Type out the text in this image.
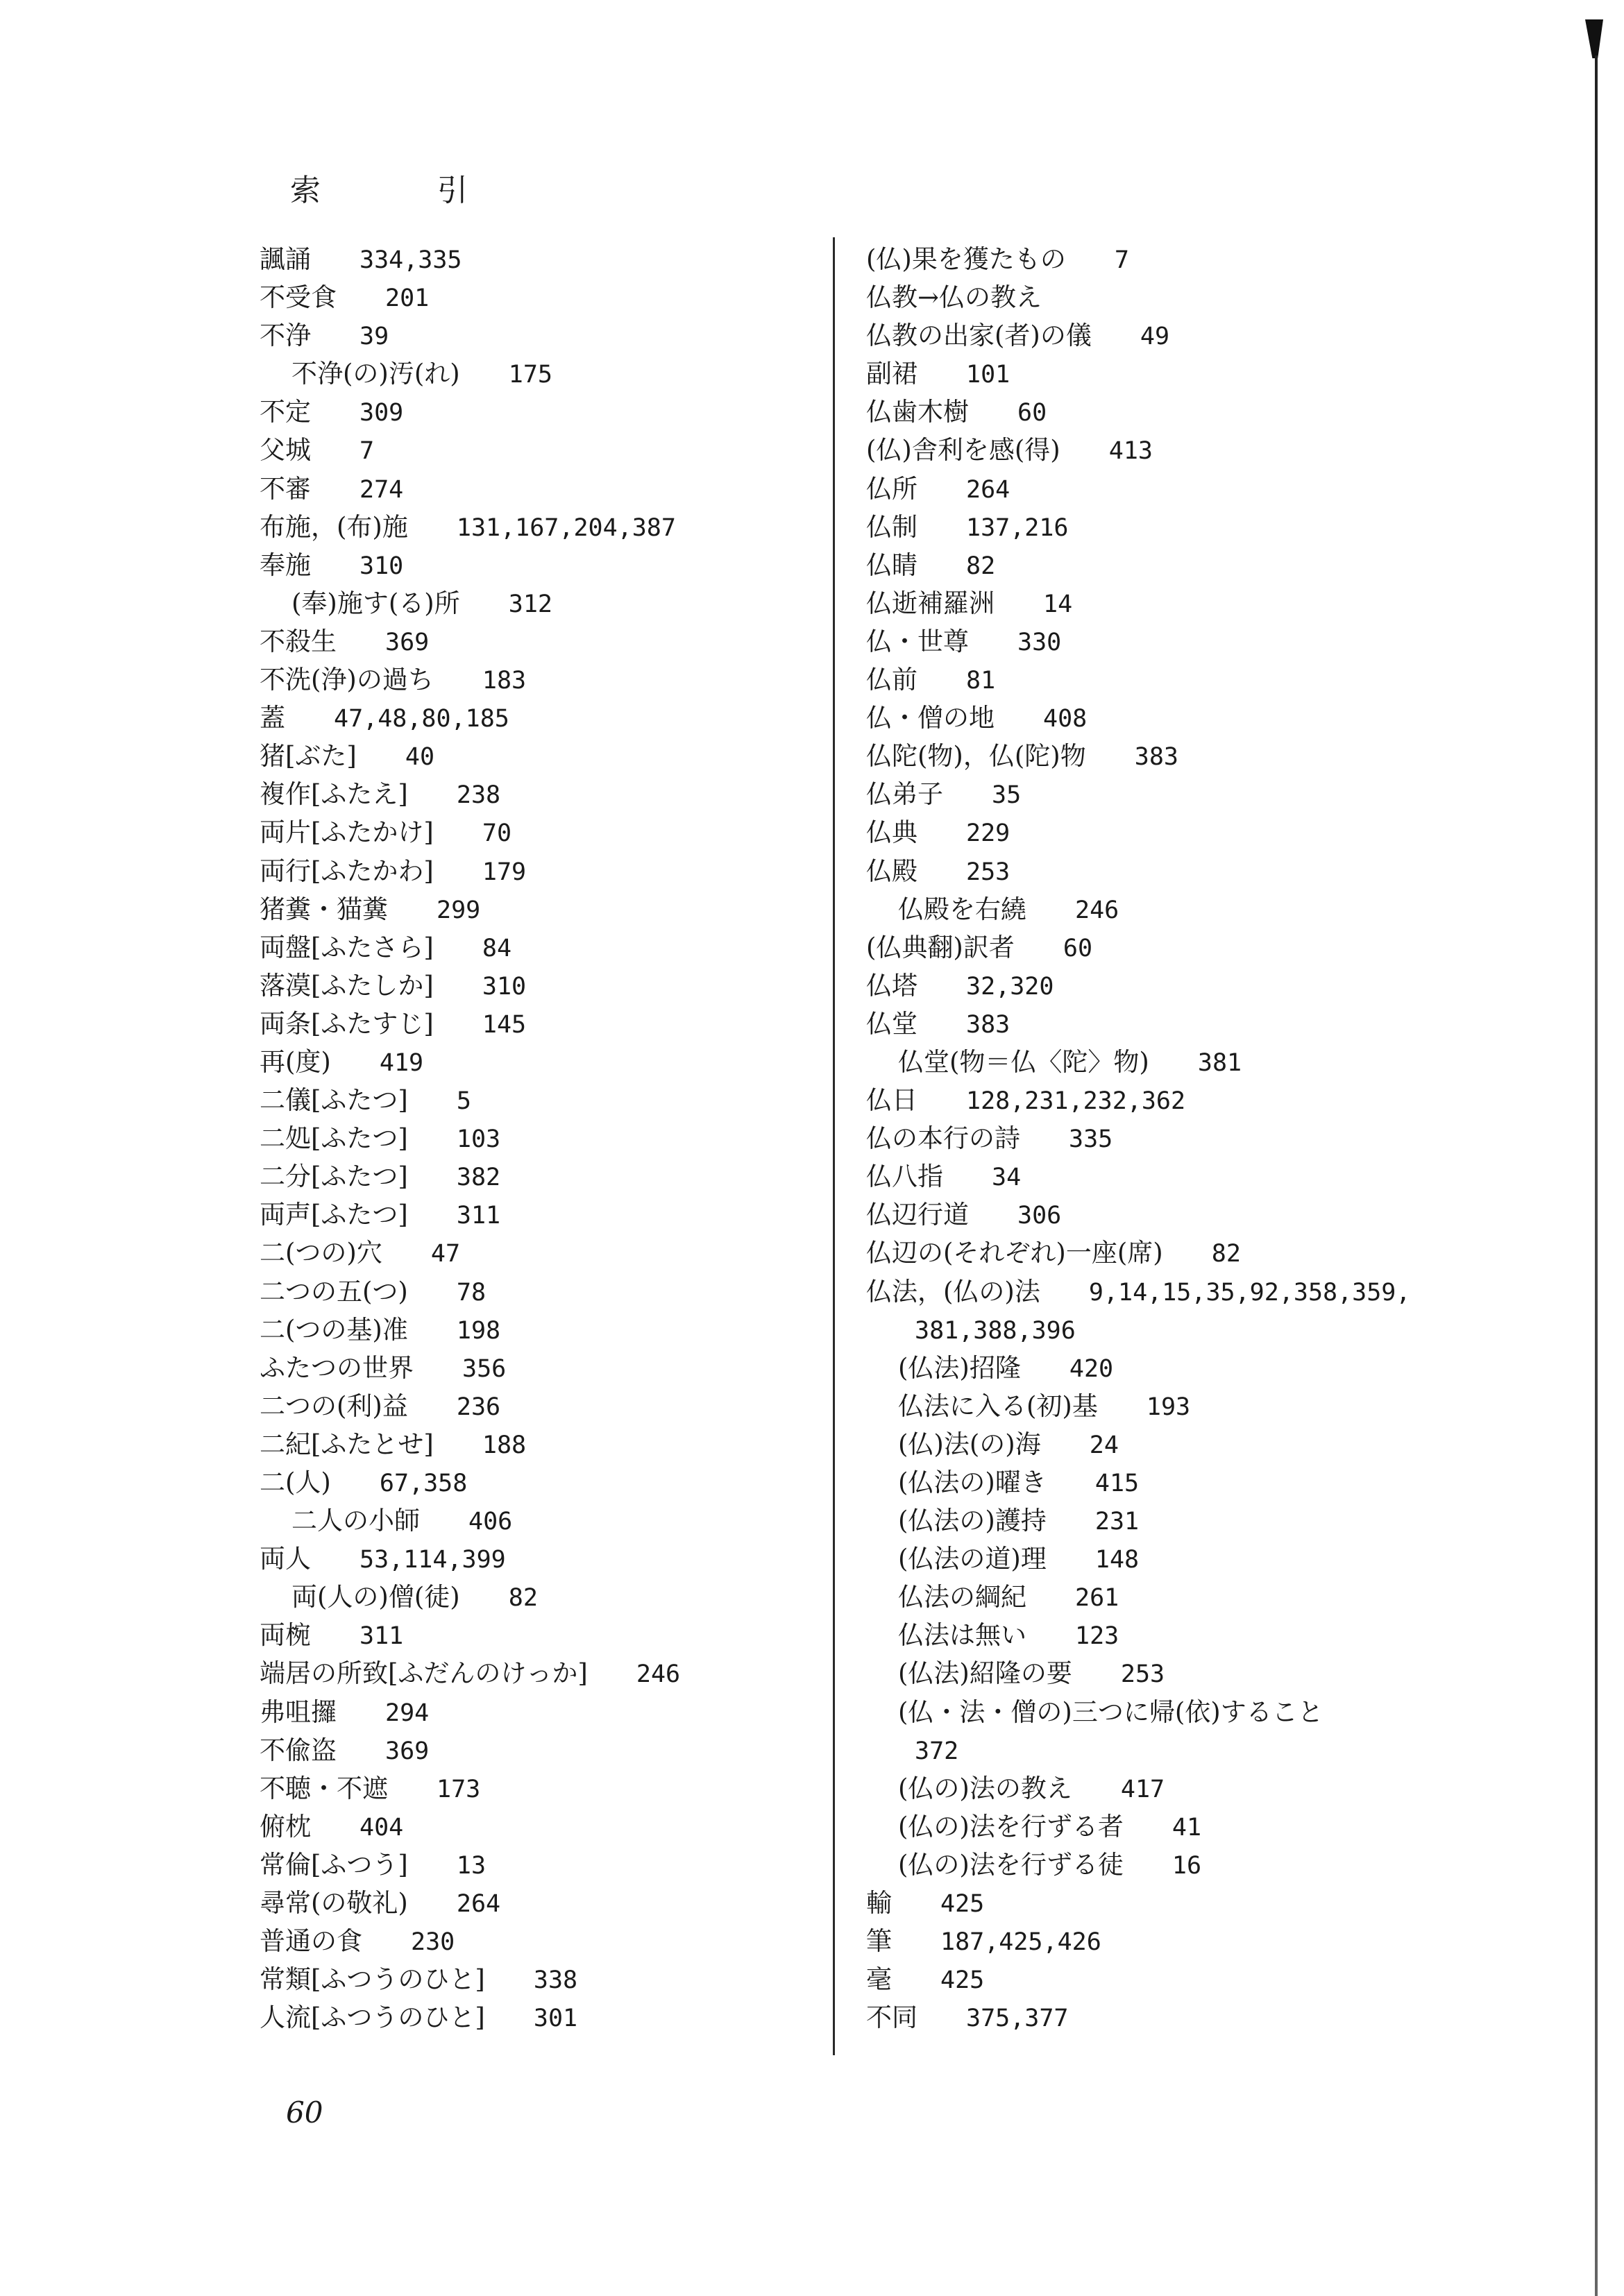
索　引
諷誦 334,335
不受食 201
不浄 39
不浄(の)汚(れ) 175
不定 309
父城 7
不審 274
布施，(布)施 131,167,204,387
奉施 310
(奉)施す(る)所 312
不殺生 369
不洗(浄)の過ち 183
蓋 47,48,80,185
猪[ぶた] 40
複作[ふたえ] 238
両片[ふたかけ] 70
両行[ふたかわ] 179
猪糞・猫糞 299
両盤[ふたさら] 84
落漠[ふたしか] 310
両条[ふたすじ] 145
再(度) 419
二儀[ふたつ] 5
二処[ふたつ] 103
二分[ふたつ] 382
両声[ふたつ] 311
二(つの)穴 47
二つの五(つ) 78
二(つの基)准 198
ふたつの世界 356
二つの(利)益 236
二紀[ふたとせ] 188
二(人) 67,358
二人の小師 406
両人 53,114,399
両(人の)僧(徒) 82
両椀 311
端居の所致[ふだんのけっか] 246
弗咀攞 294
不偸盗 369
不聴・不遮 173
俯枕 404
常倫[ふつう] 13
尋常(の敬礼) 264
普通の食 230
常類[ふつうのひと] 338
人流[ふつうのひと] 301
(仏)果を獲たもの 7
仏教→仏の教え
仏教の出家(者)の儀 49
副裙 101
仏歯木樹 60
(仏)舎利を感(得) 413
仏所 264
仏制 137,216
仏睛 82
仏逝補羅洲 14
仏・世尊 330
仏前 81
仏・僧の地 408
仏陀(物)，仏(陀)物 383
仏弟子 35
仏典 229
仏殿 253
仏殿を右繞 246
(仏典翻)訳者 60
仏塔 32,320
仏堂 383
仏堂(物＝仏〈陀〉物) 381
仏日 128,231,232,362
仏の本行の詩 335
仏八指 34
仏辺行道 306
仏辺の(それぞれ)一座(席) 82
仏法，(仏の)法 9,14,15,35,92,358,359,
381,388,396
(仏法)招隆 420
仏法に入る(初)基 193
(仏)法(の)海 24
(仏法の)曜き 415
(仏法の)護持 231
(仏法の道)理 148
仏法の綱紀 261
仏法は無い 123
(仏法)紹隆の要 253
(仏・法・僧の)三つに帰(依)すること
372
(仏の)法の教え 417
(仏の)法を行ずる者 41
(仏の)法を行ずる徒 16
輸 425
筆 187,425,426
毫 425
不同 375,377
60
